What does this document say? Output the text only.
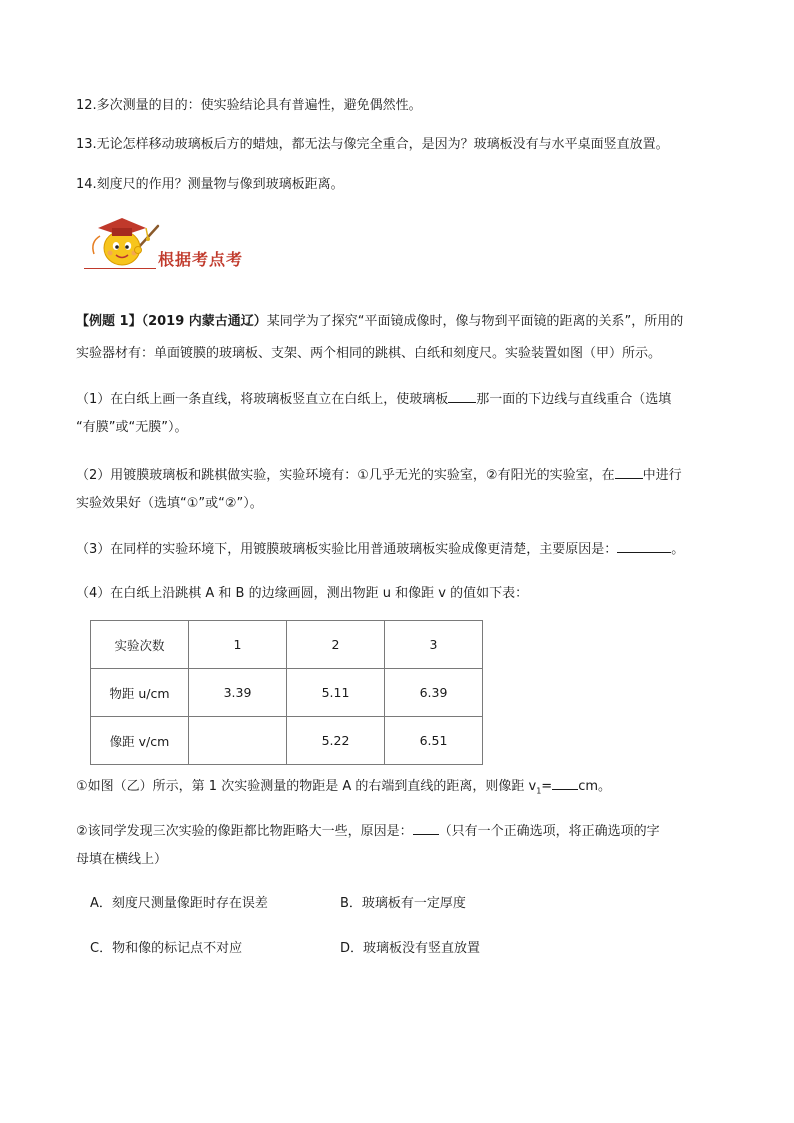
12.多次测量的目的：使实验结论具有普遍性，避免偶然性。
13.无论怎样移动玻璃板后方的蜡烛，都无法与像完全重合，是因为？玻璃板没有与水平桌面竖直放置。
14.刻度尺的作用？测量物与像到玻璃板距离。
根据考点考
【例题 1】（2019 内蒙古通辽）某同学为了探究“平面镜成像时，像与物到平面镜的距离的关系”，所用的
实验器材有：单面镀膜的玻璃板、支架、两个相同的跳棋、白纸和刻度尺。实验装置如图（甲）所示。
（1）在白纸上画一条直线，将玻璃板竖直立在白纸上，使玻璃板 那一面的下边线与直线重合（选填
“有膜”或“无膜”）。
（2）用镀膜玻璃板和跳棋做实验，实验环境有：①几乎无光的实验室，②有阳光的实验室，在 中进行
实验效果好（选填“①”或“②”）。
（3）在同样的实验环境下，用镀膜玻璃板实验比用普通玻璃板实验成像更清楚，主要原因是：	。
（4）在白纸上沿跳棋 A 和 B 的边缘画圆，测出物距 u 和像距 v 的值如下表：
实验次数	1	2	3
物距 u/cm	3.39	5.11	6.39
像距 v/cm		5.22	6.51
①如图（乙）所示，第 1 次实验测量的物距是 A 的右端到直线的距离，则像距 $v_1=$ cm。
②该同学发现三次实验的像距都比物距略大一些，原因是： （只有一个正确选项，将正确选项的字
母填在横线上）
A．刻度尺测量像距时存在误差	B．玻璃板有一定厚度
C．物和像的标记点不对应	D．玻璃板没有竖直放置
